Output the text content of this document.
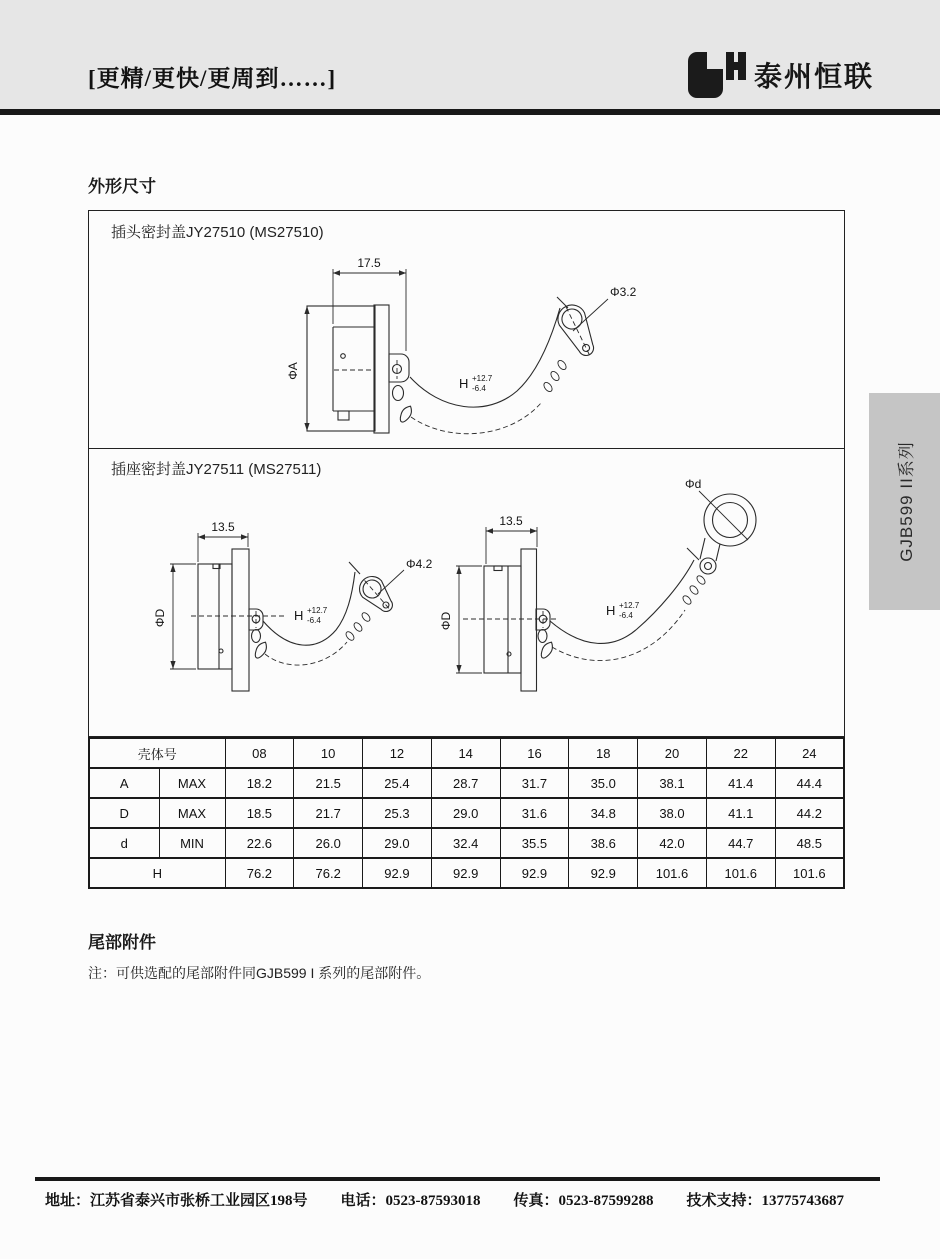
[更精/更快/更周到……]	泰州恒联
外形尺寸
插头密封盖JY27510 (MS27510)
插座密封盖JY27511 (MS27511)
17.5
ΦA
Φ3.2
H +12.7
-6.4
13.5
ΦD
Φ4.2
H +12.7
-6.4
13.5
ΦD
Φd
H +12.7
-6.4
壳体号		08	10	12	14	16	18	20	22	24
A	MAX	18.2	21.5	25.4	28.7	31.7	35.0	38.1	41.4	44.4
D	MAX	18.5	21.7	25.3	29.0	31.6	34.8	38.0	41.1	44.2
d	MIN	22.6	26.0	29.0	32.4	35.5	38.6	42.0	44.7	48.5
H		76.2	76.2	92.9	92.9	92.9	92.9	101.6	101.6	101.6
尾部附件
注：可供选配的尾部附件同GJB599 I 系列的尾部附件。
GJB599 II系列
地址：江苏省泰兴市张桥工业园区198号 电话：0523-87593018 传真：0523-87599288 技术支持：13775743687
